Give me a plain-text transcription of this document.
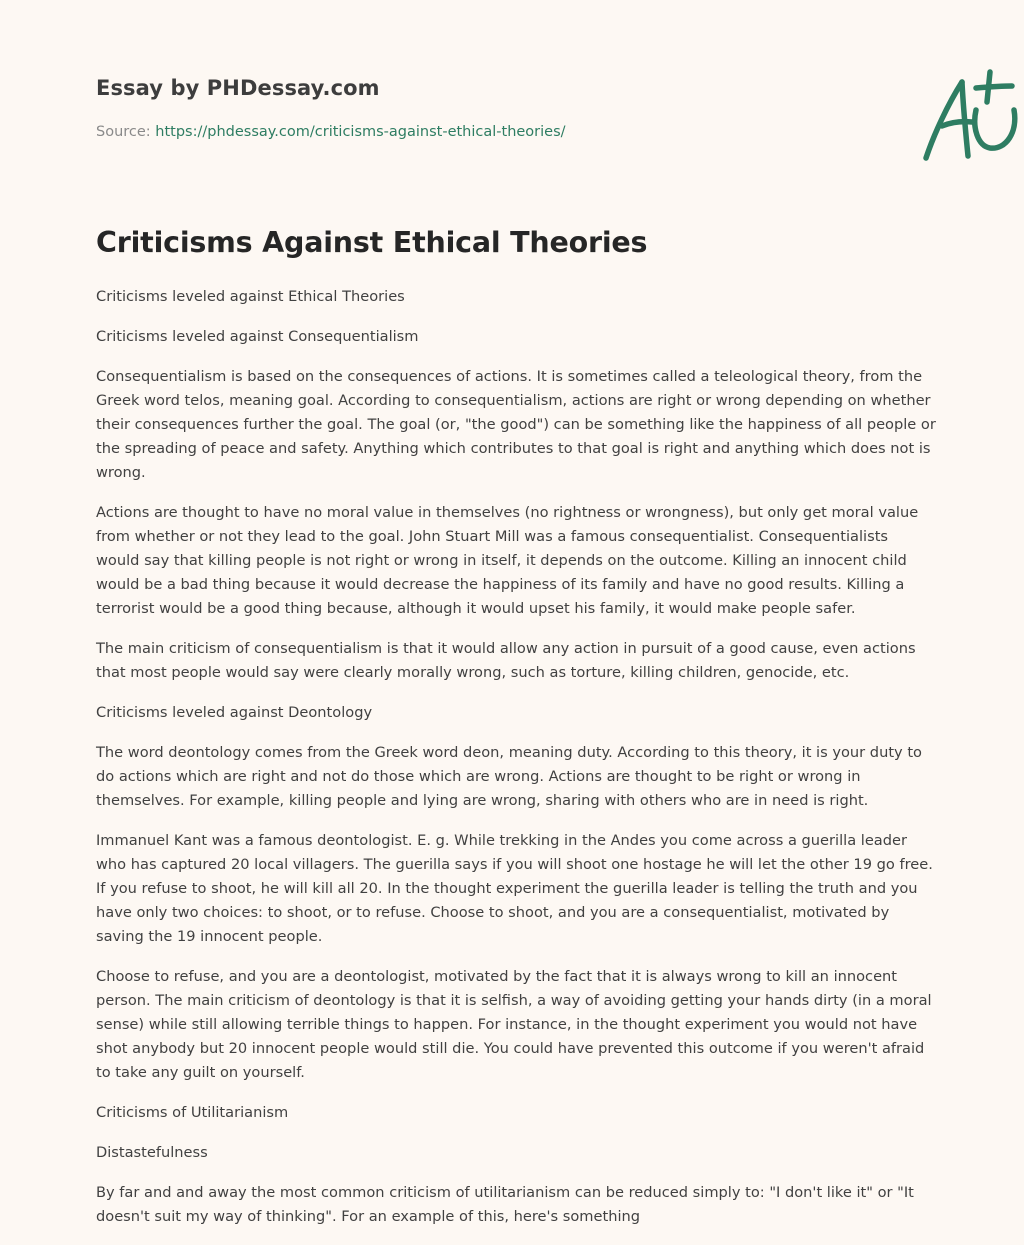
Essay by PHDessay.com
Source: https://phdessay.com/criticisms-against-ethical-theories/
Criticisms Against Ethical Theories

Criticisms leveled against Ethical Theories

Criticisms leveled against Consequentialism

Consequentialism is based on the consequences of actions. It is sometimes called a teleological theory, from the Greek word telos, meaning goal. According to consequentialism, actions are right or wrong depending on whether their consequences further the goal. The goal (or, "the good") can be something like the happiness of all people or the spreading of peace and safety. Anything which contributes to that goal is right and anything which does not is wrong.

Actions are thought to have no moral value in themselves (no rightness or wrongness), but only get moral value from whether or not they lead to the goal. John Stuart Mill was a famous consequentialist. Consequentialists would say that killing people is not right or wrong in itself, it depends on the outcome. Killing an innocent child would be a bad thing because it would decrease the happiness of its family and have no good results. Killing a terrorist would be a good thing because, although it would upset his family, it would make people safer.

The main criticism of consequentialism is that it would allow any action in pursuit of a good cause, even actions that most people would say were clearly morally wrong, such as torture, killing children, genocide, etc.

Criticisms leveled against Deontology

The word deontology comes from the Greek word deon, meaning duty. According to this theory, it is your duty to do actions which are right and not do those which are wrong. Actions are thought to be right or wrong in themselves. For example, killing people and lying are wrong, sharing with others who are in need is right.

Immanuel Kant was a famous deontologist. E. g. While trekking in the Andes you come across a guerilla leader who has captured 20 local villagers. The guerilla says if you will shoot one hostage he will let the other 19 go free. If you refuse to shoot, he will kill all 20. In the thought experiment the guerilla leader is telling the truth and you have only two choices: to shoot, or to refuse. Choose to shoot, and you are a consequentialist, motivated by saving the 19 innocent people.

Choose to refuse, and you are a deontologist, motivated by the fact that it is always wrong to kill an innocent person. The main criticism of deontology is that it is selfish, a way of avoiding getting your hands dirty (in a moral sense) while still allowing terrible things to happen. For instance, in the thought experiment you would not have shot anybody but 20 innocent people would still die. You could have prevented this outcome if you weren't afraid to take any guilt on yourself.

Criticisms of Utilitarianism

Distastefulness

By far and and away the most common criticism of utilitarianism can be reduced simply to: "I don't like it" or "It doesn't suit my way of thinking". For an example of this, here's something
